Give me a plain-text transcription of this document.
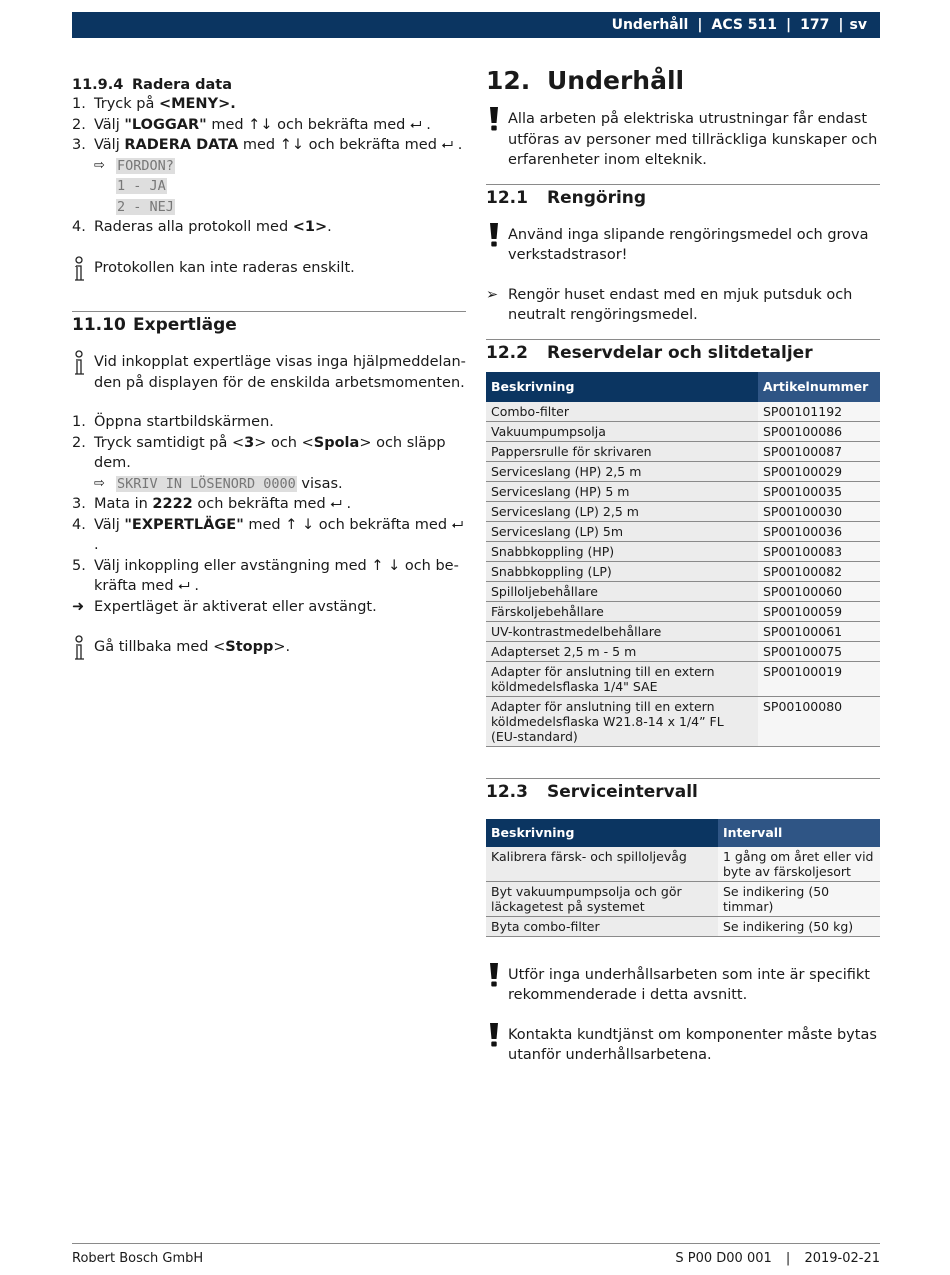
Underhåll | ACS 511 | 177 | sv
11.9.4 Radera data
1. Tryck på <MENY>.
2. Välj "LOGGAR" med ↑↓ och bekräfta med ⮠ .
3. Välj RADERA DATA med ↑↓ och bekräfta med ⮠ .
⇨ FORDON?
1 - JA
2 - NEJ
4. Raderas alla protokoll med <1>.
Protokollen kan inte raderas enskilt.
11.10 Expertläge
Vid inkopplat expertläge visas inga hjälpmeddelanden på displayen för de enskilda arbetsmomenten.
1. Öppna startbildskärmen.
2. Tryck samtidigt på <3> och <Spola> och släpp dem.
⇨ SKRIV IN LÖSENORD 0000 visas.
3. Mata in 2222 och bekräfta med ⮠ .
4. Välj "EXPERTLÄGE" med ↑ ↓ och bekräfta med ⮠ .
5. Välj inkoppling eller avstängning med ↑ ↓ och bekräfta med ⮠ .
➜ Expertläget är aktiverat eller avstängt.
Gå tillbaka med <Stopp>.
12. Underhåll
Alla arbeten på elektriska utrustningar får endast utföras av personer med tillräckliga kunskaper och erfarenheter inom elteknik.
12.1	Rengöring
Använd inga slipande rengöringsmedel och grova verkstadstrasor!
➢ Rengör huset endast med en mjuk putsduk och neutralt rengöringsmedel.
12.2	Reservdelar och slitdetaljer
Beskrivning	Artikelnummer
Combo-filter	SP00101192
Vakuumpumpsolja	SP00100086
Pappersrulle för skrivaren	SP00100087
Serviceslang (HP) 2,5 m	SP00100029
Serviceslang (HP) 5 m	SP00100035
Serviceslang (LP) 2,5 m	SP00100030
Serviceslang (LP) 5m	SP00100036
Snabbkoppling (HP)	SP00100083
Snabbkoppling (LP)	SP00100082
Spilloljebehållare	SP00100060
Färskoljebehållare	SP00100059
UV-kontrastmedelbehållare	SP00100061
Adapterset 2,5 m - 5 m	SP00100075
Adapter för anslutning till en extern köldmedelsflaska 1/4" SAE	SP00100019
Adapter för anslutning till en extern köldmedelsflaska W21.8-14 x 1/4” FL (EU-standard)	SP00100080
12.3	Serviceintervall
Beskrivning	Intervall
Kalibrera färsk- och spilloljevåg	1 gång om året eller vid byte av färskoljesort
Byt vakuumpumpsolja och gör läckagetest på systemet	Se indikering (50 timmar)
Byta combo-filter	Se indikering (50 kg)
Utför inga underhållsarbeten som inte är specifikt rekommenderade i detta avsnitt.
Kontakta kundtjänst om komponenter måste bytas utanför underhållsarbetena.
Robert Bosch GmbH	S P00 D00 001 | 2019-02-21
